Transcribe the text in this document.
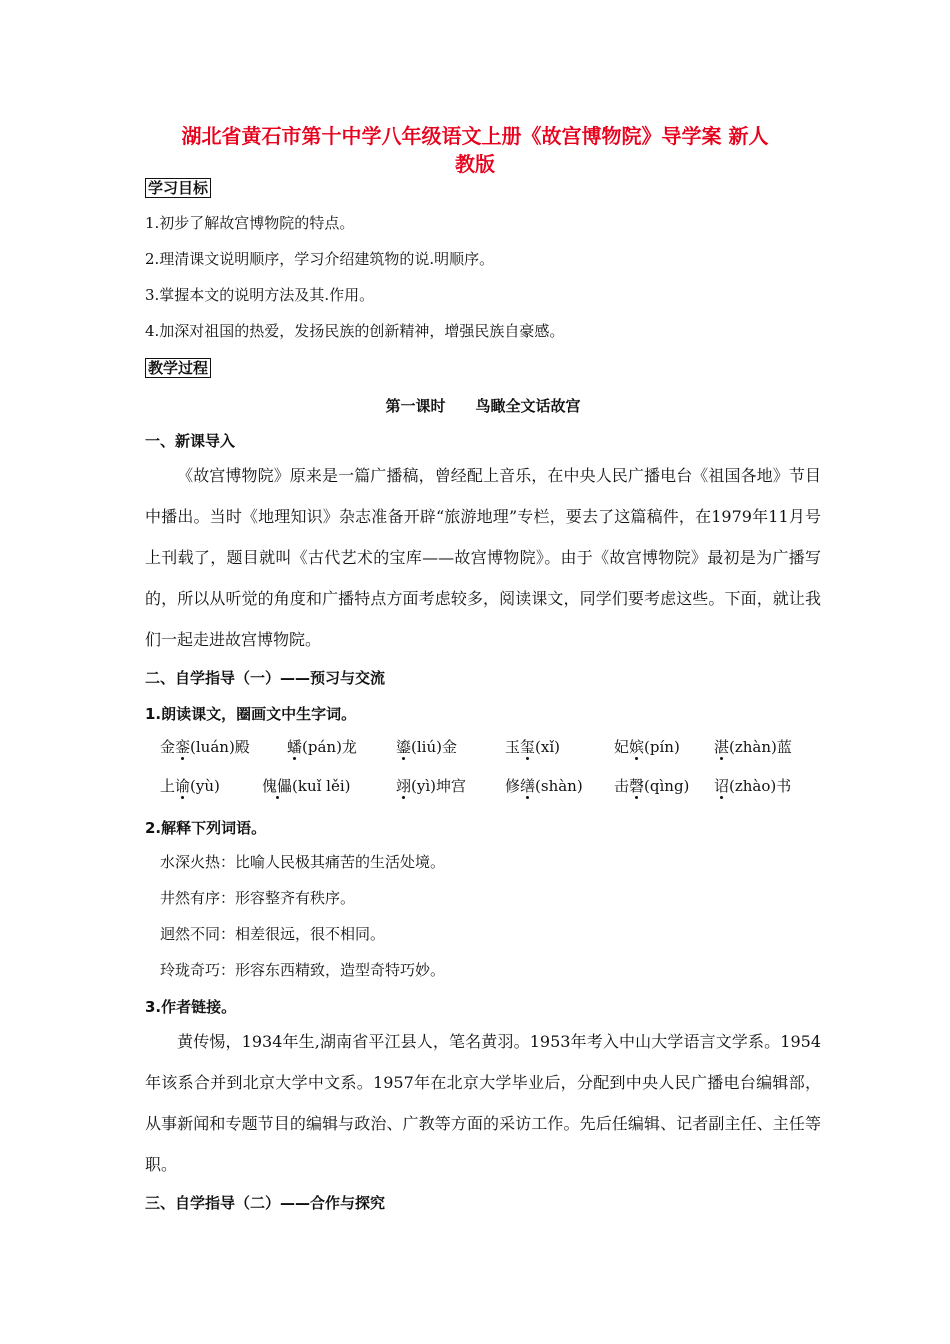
湖北省黄石市第十中学八年级语文上册《故宫博物院》导学案 新人
教版
学习目标
1.初步了解故宫博物院的特点。
2.理清课文说明顺序，学习介绍建筑物的说.明顺序。
3.掌握本文的说明方法及其.作用。
4.加深对祖国的热爱，发扬民族的创新精神，增强民族自豪感。
教学过程
第一课时　　鸟瞰全文话故宫
一、新课导入
《故宫博物院》原来是一篇广播稿，曾经配上音乐，在中央人民广播电台《祖国各地》节目中播出。当时《地理知识》杂志准备开辟“旅游地理”专栏，要去了这篇稿件，在1979年11月号上刊载了，题目就叫《古代艺术的宝库——故宫博物院》。由于《故宫博物院》最初是为广播写的，所以从听觉的角度和广播特点方面考虑较多，阅读课文，同学们要考虑这些。下面，就让我们一起走进故宫博物院。
二、自学指导（一）——预习与交流
1.朗读课文，圈画文中生字词。
金銮(luán)殿 蟠(pán)龙	鎏(liú)金	玉玺(xǐ)	妃嫔(pín) 湛(zhàn)蓝
上谕(yù)	傀儡(kuǐ lěi)	翊(yì)坤宫	修缮(shàn) 击磬(qìng) 诏(zhào)书
2.解释下列词语。
水深火热：比喻人民极其痛苦的生活处境。
井然有序：形容整齐有秩序。
迥然不同：相差很远，很不相同。
玲珑奇巧：形容东西精致，造型奇特巧妙。
3.作者链接。
黄传惕，1934年生,湖南省平江县人，笔名黄羽。1953年考入中山大学语言文学系。1954年该系合并到北京大学中文系。1957年在北京大学毕业后，分配到中央人民广播电台编辑部，从事新闻和专题节目的编辑与政治、广教等方面的采访工作。先后任编辑、记者副主任、主任等职。
三、自学指导（二）——合作与探究
